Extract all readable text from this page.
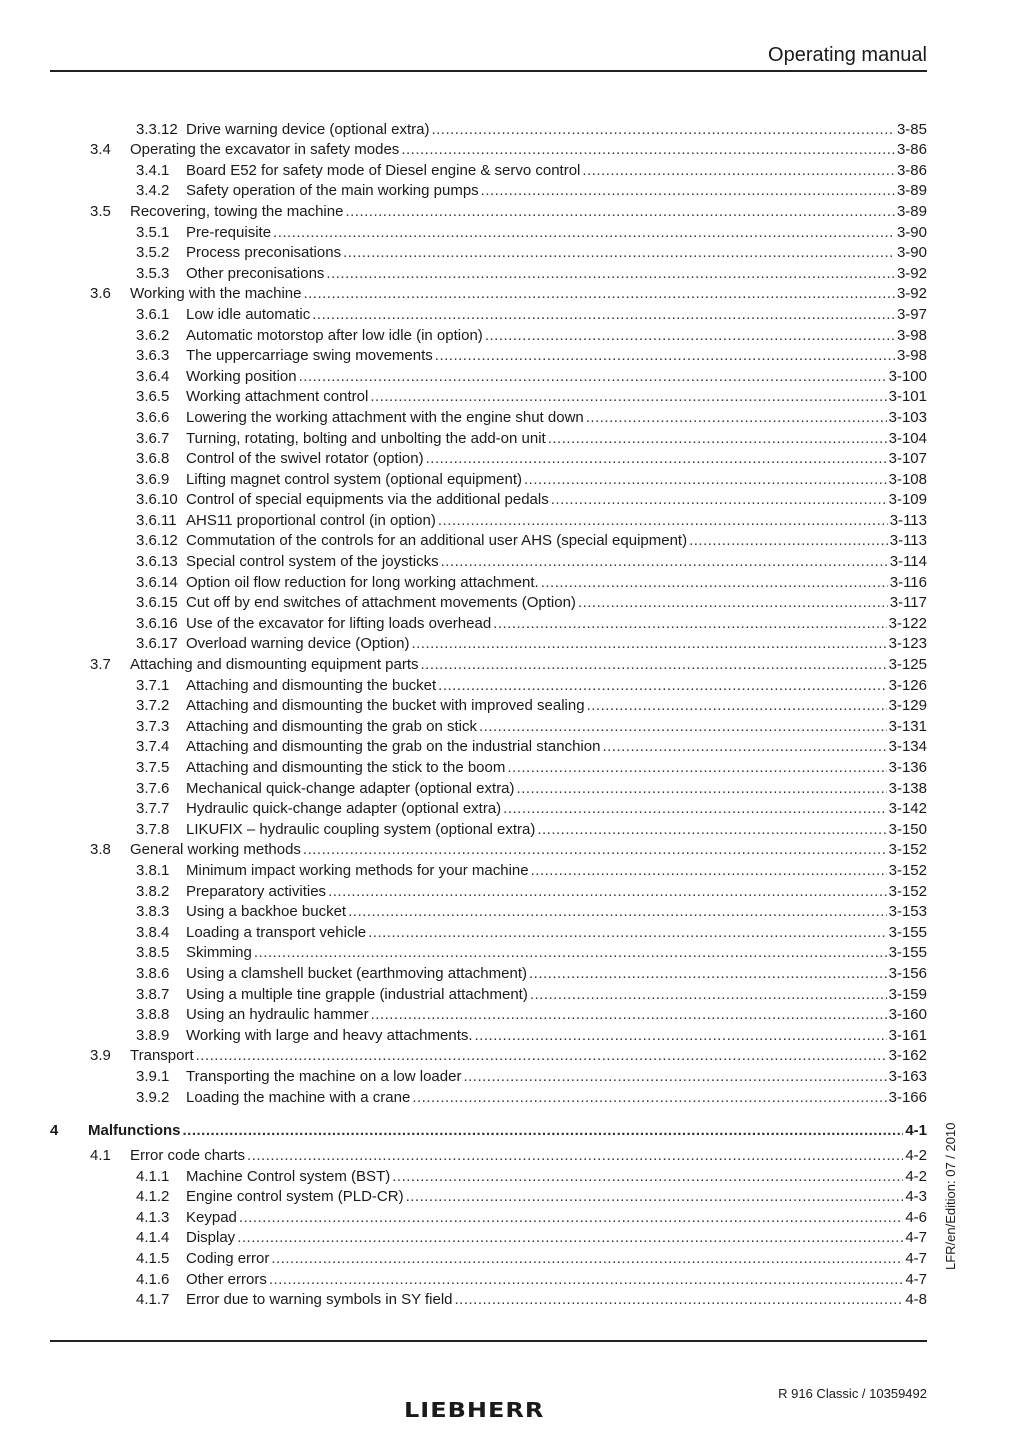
Operating manual
3.3.12 Drive warning device (optional extra) .....	3-85
3.4	Operating the excavator in safety modes .....	3-86
3.4.1	Board E52 for safety mode of Diesel engine & servo control .....	3-86
3.4.2	Safety operation of the main working pumps .....	3-89
3.5	Recovering, towing the machine .....	3-89
3.5.1	Pre-requisite .....	3-90
3.5.2	Process preconisations .....	3-90
3.5.3	Other preconisations .....	3-92
3.6	Working with the machine .....	3-92
3.6.1	Low idle automatic .....	3-97
3.6.2	Automatic motorstop after low idle (in option) .....	3-98
3.6.3	The uppercarriage swing movements .....	3-98
3.6.4	Working position .....	3-100
3.6.5	Working attachment control .....	3-101
3.6.6	Lowering the working attachment with the engine shut down .....	3-103
3.6.7	Turning, rotating, bolting and unbolting the add-on unit .....	3-104
3.6.8	Control of the swivel rotator (option) .....	3-107
3.6.9	Lifting magnet control system (optional equipment) .....	3-108
3.6.10 Control of special equipments via the additional pedals .....	3-109
3.6.11 AHS11 proportional control (in option) .....	3-113
3.6.12 Commutation of the controls for an additional user AHS (special equipment) .....	3-113
3.6.13 Special control system of the joysticks .....	3-114
3.6.14 Option oil flow reduction for long working attachment. .....	3-116
3.6.15 Cut off by end switches of attachment movements (Option) .....	3-117
3.6.16 Use of the excavator for lifting loads overhead .....	3-122
3.6.17 Overload warning device (Option) .....	3-123
3.7	Attaching and dismounting equipment parts .....	3-125
3.7.1	Attaching and dismounting the bucket .....	3-126
3.7.2	Attaching and dismounting the bucket with improved sealing .....	3-129
3.7.3	Attaching and dismounting the grab on stick .....	3-131
3.7.4	Attaching and dismounting the grab on the industrial stanchion .....	3-134
3.7.5	Attaching and dismounting the stick to the boom .....	3-136
3.7.6	Mechanical quick-change adapter (optional extra) .....	3-138
3.7.7	Hydraulic quick-change adapter (optional extra) .....	3-142
3.7.8	LIKUFIX – hydraulic coupling system (optional extra) .....	3-150
3.8	General working methods .....	3-152
3.8.1	Minimum impact working methods for your machine .....	3-152
3.8.2	Preparatory activities .....	3-152
3.8.3	Using a backhoe bucket .....	3-153
3.8.4	Loading a transport vehicle .....	3-155
3.8.5	Skimming .....	3-155
3.8.6	Using a clamshell bucket (earthmoving attachment) .....	3-156
3.8.7	Using a multiple tine grapple (industrial attachment) .....	3-159
3.8.8	Using an hydraulic hammer .....	3-160
3.8.9	Working with large and heavy attachments. .....	3-161
3.9	Transport .....	3-162
3.9.1	Transporting the machine on a low loader .....	3-163
3.9.2	Loading the machine with a crane .....	3-166
4	Malfunctions .....	4-1
4.1	Error code charts .....	4-2
4.1.1	Machine Control system (BST) .....	4-2
4.1.2	Engine control system (PLD-CR) .....	4-3
4.1.3	Keypad .....	4-6
4.1.4	Display .....	4-7
4.1.5	Coding error .....	4-7
4.1.6	Other errors .....	4-7
4.1.7	Error due to warning symbols in SY field .....	4-8
LIEBHERR
R 916 Classic / 10359492
LFR/en/Edition: 07 / 2010
